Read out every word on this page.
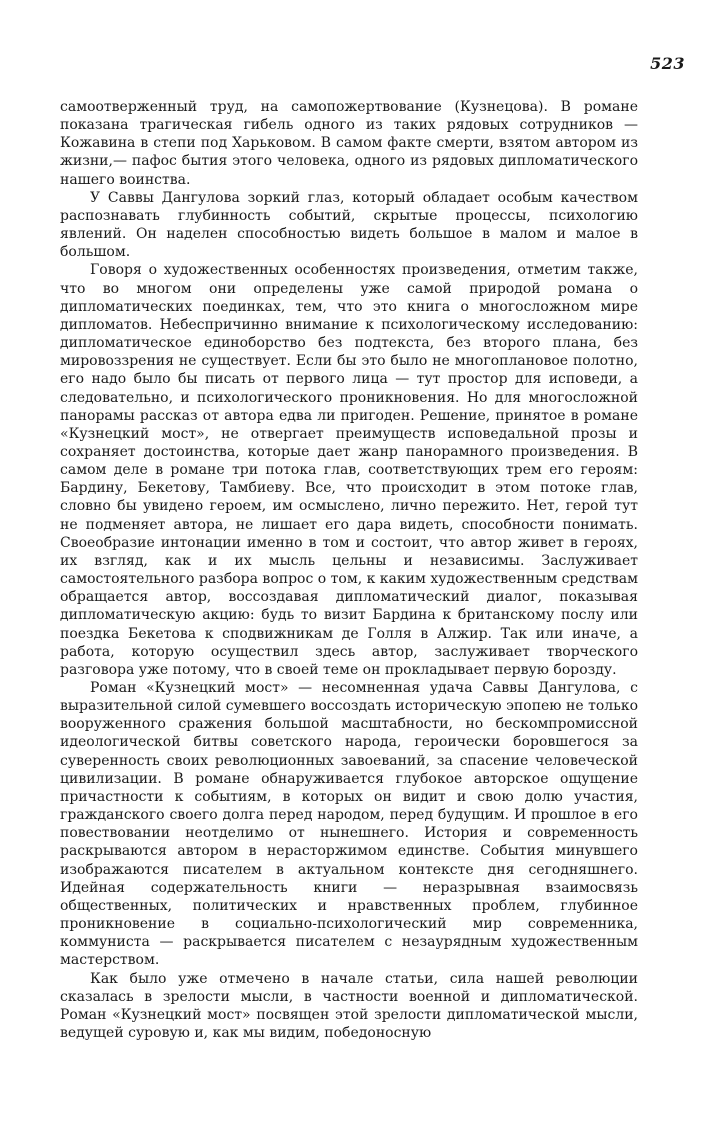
523

самоотверженный труд, на самопожертвование (Кузнецова). В романе показана трагическая гибель одного из таких рядовых сотрудников — Кожавина в степи под Харьковом. В самом факте смерти, взятом автором из жизни,— пафос бытия этого человека, одного из рядовых дипломатического нашего воинства.

У Саввы Дангулова зоркий глаз, который обладает особым качеством распознавать глубинность событий, скрытые процессы, психологию явлений. Он наделен способностью видеть большое в малом и малое в большом.

Говоря о художественных особенностях произведения, отметим также, что во многом они определены уже самой природой романа о дипломатических поединках, тем, что это книга о многосложном мире дипломатов. Небеспричинно внимание к психологическому исследованию: дипломатическое единоборство без подтекста, без второго плана, без мировоззрения не существует. Если бы это было не многоплановое полотно, его надо было бы писать от первого лица — тут простор для исповеди, а следовательно, и психологического проникновения. Но для многосложной панорамы рассказ от автора едва ли пригоден. Решение, принятое в романе «Кузнецкий мост», не отвергает преимуществ исповедальной прозы и сохраняет достоинства, которые дает жанр панорамного произведения. В самом деле в романе три потока глав, соответствующих трем его героям: Бардину, Бекетову, Тамбиеву. Все, что происходит в этом потоке глав, словно бы увидено героем, им осмыслено, лично пережито. Нет, герой тут не подменяет автора, не лишает его дара видеть, способности понимать. Своеобразие интонации именно в том и состоит, что автор живет в героях, их взгляд, как и их мысль цельны и независимы. Заслуживает самостоятельного разбора вопрос о том, к каким художественным средствам обращается автор, воссоздавая дипломатический диалог, показывая дипломатическую акцию: будь то визит Бардина к британскому послу или поездка Бекетова к сподвижникам де Голля в Алжир. Так или иначе, а работа, которую осуществил здесь автор, заслуживает творческого разговора уже потому, что в своей теме он прокладывает первую борозду.

Роман «Кузнецкий мост» — несомненная удача Саввы Дангулова, с выразительной силой сумевшего воссоздать историческую эпопею не только вооруженного сражения большой масштабности, но бескомпромиссной идеологической битвы советского народа, героически боровшегося за суверенность своих революционных завоеваний, за спасение человеческой цивилизации. В романе обнаруживается глубокое авторское ощущение причастности к событиям, в которых он видит и свою долю участия, гражданского своего долга перед народом, перед будущим. И прошлое в его повествовании неотделимо от нынешнего. История и современность раскрываются автором в нерасторжимом единстве. События минувшего изображаются писателем в актуальном контексте дня сегодняшнего. Идейная содержательность книги — неразрывная взаимосвязь общественных, политических и нравственных проблем, глубинное проникновение в социально-психологический мир современника, коммуниста — раскрывается писателем с незаурядным художественным мастерством.

Как было уже отмечено в начале статьи, сила нашей революции сказалась в зрелости мысли, в частности военной и дипломатической. Роман «Кузнецкий мост» посвящен этой зрелости дипломатической мысли, ведущей суровую и, как мы видим, победоносную
